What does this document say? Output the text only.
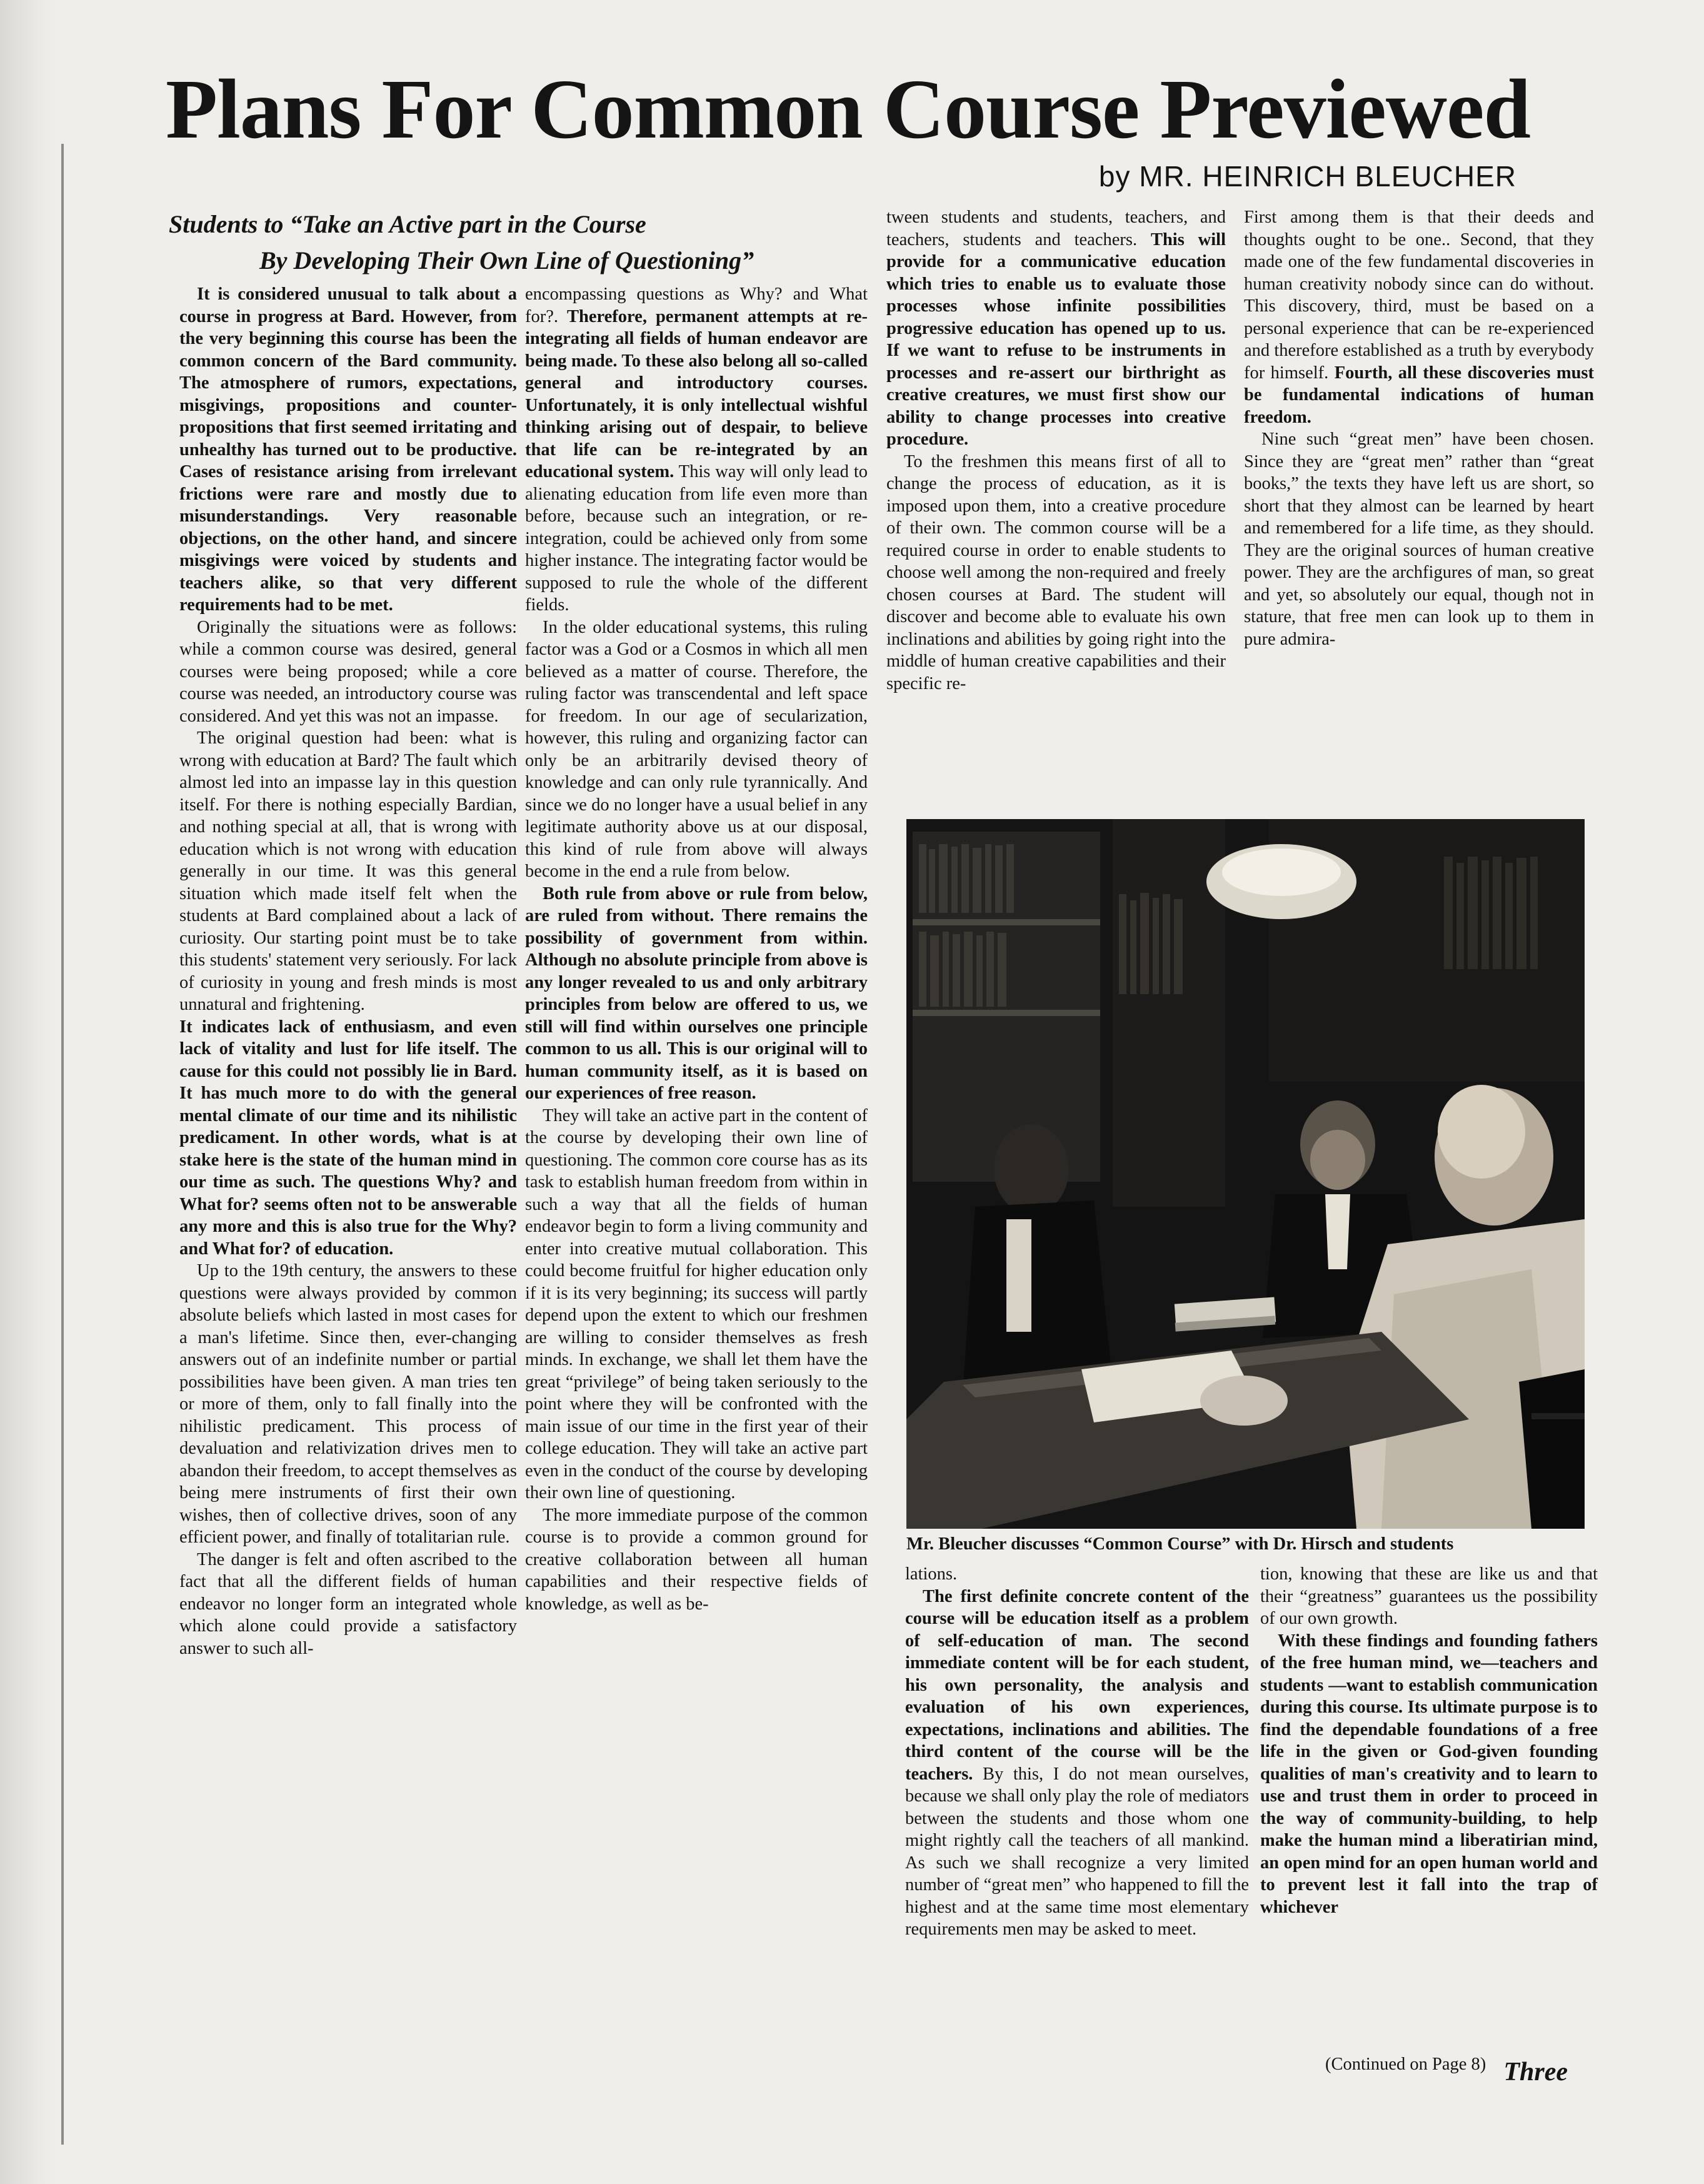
Plans For Common Course Previewed
by MR. HEINRICH BLEUCHER
Students to “Take an Active part in the Course
By Developing Their Own Line of Questioning”

It is considered unusual to talk about a course in progress at Bard. However, from the very beginning this course has been the common concern of the Bard community. The atmosphere of rumors, expectations, misgivings, propositions and counter-propositions that first seemed irritating and unhealthy has turned out to be productive. Cases of resistance arising from irrelevant frictions were rare and mostly due to misunderstandings. Very reasonable objections, on the other hand, and sincere misgivings were voiced by students and teachers alike, so that very different requirements had to be met.

Originally the situations were as follows: while a common course was desired, general courses were being proposed; while a core course was needed, an introductory course was considered. And yet this was not an impasse.

The original question had been: what is wrong with education at Bard? The fault which almost led into an impasse lay in this question itself. For there is nothing especially Bardian, and nothing special at all, that is wrong with education which is not wrong with education generally in our time. It was this general situation which made itself felt when the students at Bard complained about a lack of curiosity. Our starting point must be to take this students' statement very seriously. For lack of curiosity in young and fresh minds is most unnatural and frightening.

It indicates lack of enthusiasm, and even lack of vitality and lust for life itself. The cause for this could not possibly lie in Bard. It has much more to do with the general mental climate of our time and its nihilistic predicament. In other words, what is at stake here is the state of the human mind in our time as such. The questions Why? and What for? seems often not to be answerable any more and this is also true for the Why? and What for? of education.

Up to the 19th century, the answers to these questions were always provided by common absolute beliefs which lasted in most cases for a man's lifetime. Since then, ever-changing answers out of an indefinite number or partial possibilities have been given. A man tries ten or more of them, only to fall finally into the nihilistic predicament. This process of devaluation and relativization drives men to abandon their freedom, to accept themselves as being mere instruments of first their own wishes, then of collective drives, soon of any efficient power, and finally of totalitarian rule.

The danger is felt and often ascribed to the fact that all the different fields of human endeavor no longer form an integrated whole which alone could provide a satisfactory answer to such all-

encompassing questions as Why? and What for?. Therefore, permanent attempts at re-integrating all fields of human endeavor are being made. To these also belong all so-called general and introductory courses. Unfortunately, it is only intellectual wishful thinking arising out of despair, to believe that life can be re-integrated by an educational system. This way will only lead to alienating education from life even more than before, because such an integration, or re-integration, could be achieved only from some higher instance. The integrating factor would be supposed to rule the whole of the different fields.

In the older educational systems, this ruling factor was a God or a Cosmos in which all men believed as a matter of course. Therefore, the ruling factor was transcendental and left space for freedom. In our age of secularization, however, this ruling and organizing factor can only be an arbitrarily devised theory of knowledge and can only rule tyrannically. And since we do no longer have a usual belief in any legitimate authority above us at our disposal, this kind of rule from above will always become in the end a rule from below.

Both rule from above or rule from below, are ruled from without. There remains the possibility of government from within. Although no absolute principle from above is any longer revealed to us and only arbitrary principles from below are offered to us, we still will find within ourselves one principle common to us all. This is our original will to human community itself, as it is based on our experiences of free reason.

They will take an active part in the content of the course by developing their own line of questioning. The common core course has as its task to establish human freedom from within in such a way that all the fields of human endeavor begin to form a living community and enter into creative mutual collaboration. This could become fruitful for higher education only if it is its very beginning; its success will partly depend upon the extent to which our freshmen are willing to consider themselves as fresh minds. In exchange, we shall let them have the great “privilege” of being taken seriously to the point where they will be confronted with the main issue of our time in the first year of their college education. They will take an active part even in the conduct of the course by developing their own line of questioning.

The more immediate purpose of the common course is to provide a common ground for creative collaboration between all human capabilities and their respective fields of knowledge, as well as be-

tween students and students, teachers, and teachers, students and teachers. This will provide for a communicative education which tries to enable us to evaluate those processes whose infinite possibilities progressive education has opened up to us. If we want to refuse to be instruments in processes and re-assert our birthright as creative creatures, we must first show our ability to change processes into creative procedure.

To the freshmen this means first of all to change the process of education, as it is imposed upon them, into a creative procedure of their own. The common course will be a required course in order to enable students to choose well among the non-required and freely chosen courses at Bard. The student will discover and become able to evaluate his own inclinations and abilities by going right into the middle of human creative capabilities and their specific re-

First among them is that their deeds and thoughts ought to be one.. Second, that they made one of the few fundamental discoveries in human creativity nobody since can do without. This discovery, third, must be based on a personal experience that can be re-experienced and therefore established as a truth by everybody for himself. Fourth, all these discoveries must be fundamental indications of human freedom.

Nine such “great men” have been chosen. Since they are “great men” rather than “great books,” the texts they have left us are short, so short that they almost can be learned by heart and remembered for a life time, as they should. They are the original sources of human creative power. They are the archfigures of man, so great and yet, so absolutely our equal, though not in stature, that free men can look up to them in pure admira-

Mr. Bleucher discusses “Common Course” with Dr. Hirsch and students

lations.

The first definite concrete content of the course will be education itself as a problem of self-education of man. The second immediate content will be for each student, his own personality, the analysis and evaluation of his own experiences, expectations, inclinations and abilities. The third content of the course will be the teachers. By this, I do not mean ourselves, because we shall only play the role of mediators between the students and those whom one might rightly call the teachers of all mankind. As such we shall recognize a very limited number of “great men” who happened to fill the highest and at the same time most elementary requirements men may be asked to meet.

tion, knowing that these are like us and that their “greatness” guarantees us the possibility of our own growth.

With these findings and founding fathers of the free human mind, we—teachers and students —want to establish communication during this course. Its ultimate purpose is to find the dependable foundations of a free life in the given or God-given founding qualities of man's creativity and to learn to use and trust them in order to proceed in the way of community-building, to help make the human mind a liberatirian mind, an open mind for an open human world and to prevent lest it fall into the trap of whichever

(Continued on Page 8) Three
